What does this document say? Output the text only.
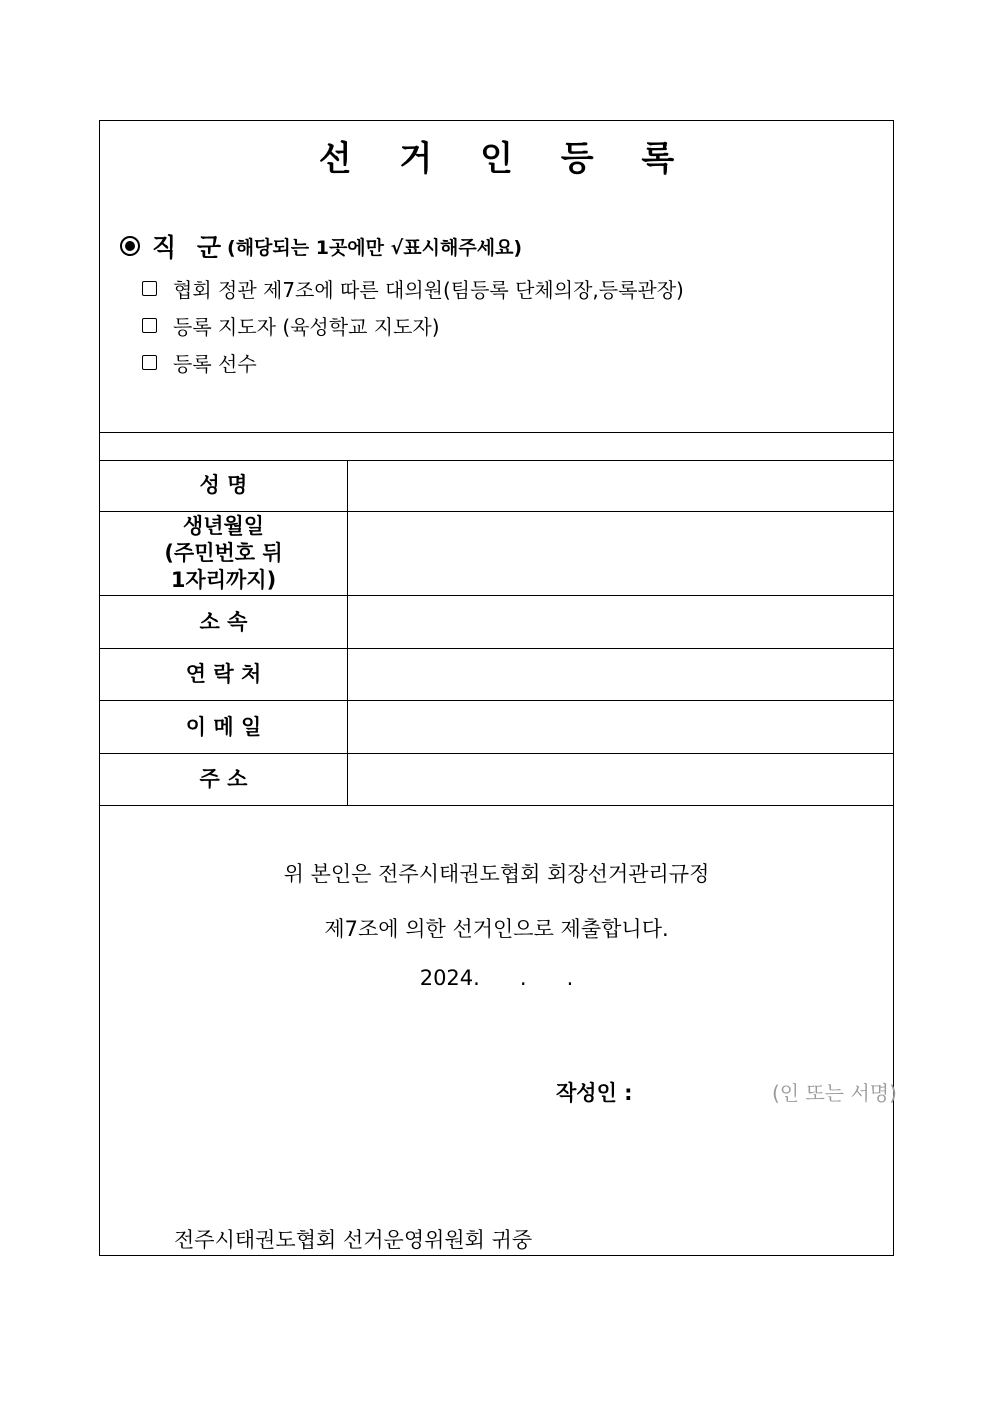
선 거 인 등 록
직 군 (해당되는 1곳에만 √표시해주세요)
협회 정관 제7조에 따른 대의원(팀등록 단체의장,등록관장)
등록 지도자 (육성학교 지도자)
등록 선수
성 명
생년월일
(주민번호 뒤
1자리까지)
소 속
연 락 처
이 메 일
주 소
위 본인은 전주시태권도협회 회장선거관리규정
제7조에 의한 선거인으로 제출합니다.
2024.      .      .
작성인 :	(인 또는 서명)
전주시태권도협회 선거운영위원회 귀중
